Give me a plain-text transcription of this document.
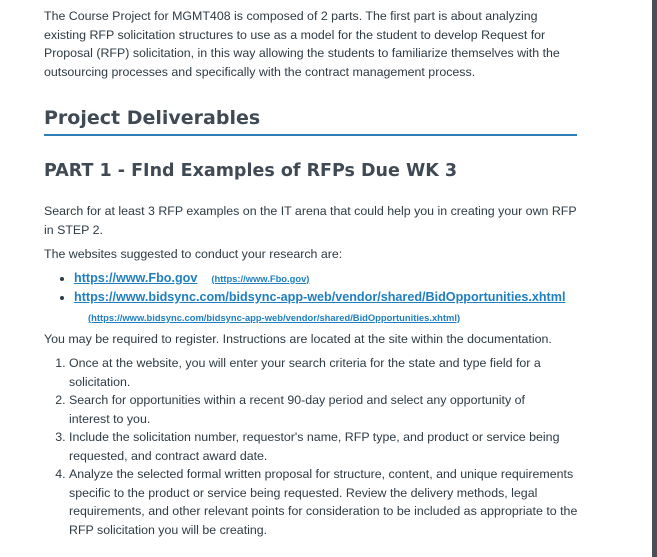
The Course Project for MGMT408 is composed of 2 parts. The first part is about analyzing existing RFP solicitation structures to use as a model for the student to develop Request for Proposal (RFP) solicitation, in this way allowing the students to familiarize themselves with the outsourcing processes and specifically with the contract management process.

Project Deliverables
PART 1 - FInd Examples of RFPs Due WK 3

Search for at least 3 RFP examples on the IT arena that could help you in creating your own RFP in STEP 2.

The websites suggested to conduct your research are:

• https://www.Fbo.gov (https://www.Fbo.gov)
• https://www.bidsync.com/bidsync-app-web/vendor/shared/BidOpportunities.xhtml
(https://www.bidsync.com/bidsync-app-web/vendor/shared/BidOpportunities.xhtml)

You may be required to register. Instructions are located at the site within the documentation.

1. Once at the website, you will enter your search criteria for the state and type field for a solicitation.
2. Search for opportunities within a recent 90-day period and select any opportunity of interest to you.
3. Include the solicitation number, requestor's name, RFP type, and product or service being requested, and contract award date.
4. Analyze the selected formal written proposal for structure, content, and unique requirements specific to the product or service being requested. Review the delivery methods, legal requirements, and other relevant points for consideration to be included as appropriate to the RFP solicitation you will be creating.
